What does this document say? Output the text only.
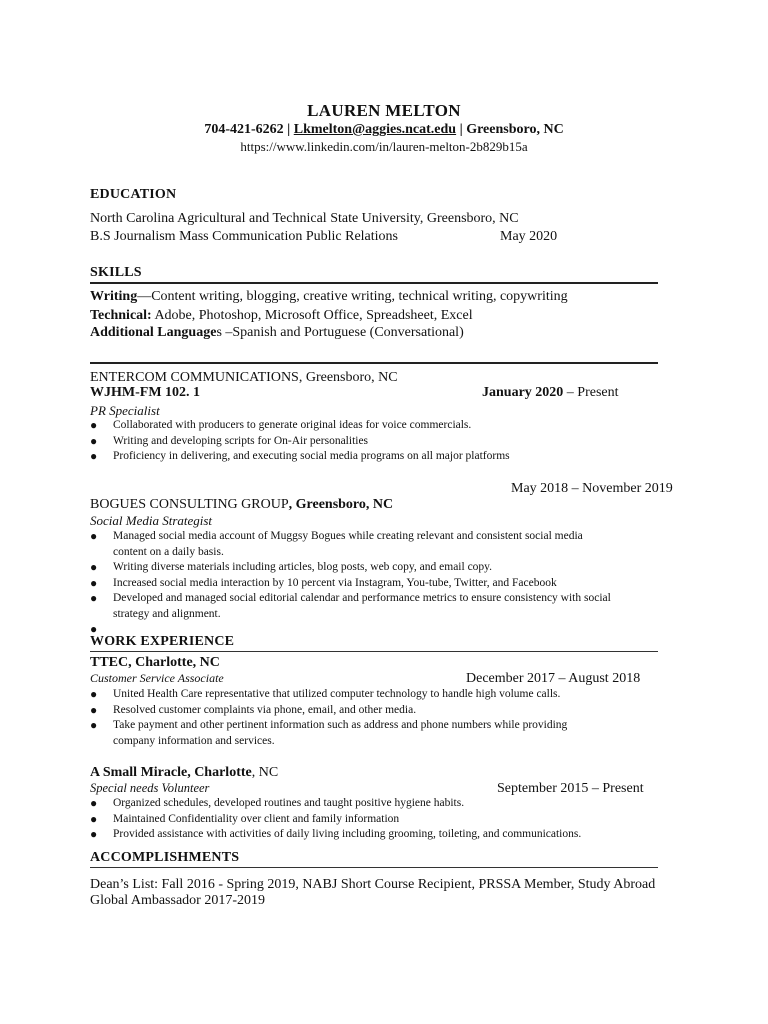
LAUREN MELTON
704-421-6262 | Lkmelton@aggies.ncat.edu | Greensboro, NC
https://www.linkedin.com/in/lauren-melton-2b829b15a
EDUCATION
North Carolina Agricultural and Technical State University, Greensboro, NC
B.S Journalism Mass Communication Public Relations	May 2020
SKILLS
Writing—Content writing, blogging, creative writing, technical writing, copywriting
Technical: Adobe, Photoshop, Microsoft Office, Spreadsheet, Excel
Additional Languages –Spanish and Portuguese (Conversational)
ENTERCOM COMMUNICATIONS, Greensboro, NC
WJHM-FM 102. 1	January 2020 – Present
PR Specialist
● Collaborated with producers to generate original ideas for voice commercials.
● Writing and developing scripts for On-Air personalities
● Proficiency in delivering, and executing social media programs on all major platforms
May 2018 – November 2019
BOGUES CONSULTING GROUP, Greensboro, NC
Social Media Strategist
● Managed social media account of Muggsy Bogues while creating relevant and consistent social media
content on a daily basis.
● Writing diverse materials including articles, blog posts, web copy, and email copy.
● Increased social media interaction by 10 percent via Instagram, You-tube, Twitter, and Facebook
● Developed and managed social editorial calendar and performance metrics to ensure consistency with social
strategy and alignment.
WORK EXPERIENCE
TTEC, Charlotte, NC
Customer Service Associate	December 2017 – August 2018
● United Health Care representative that utilized computer technology to handle high volume calls.
● Resolved customer complaints via phone, email, and other media.
● Take payment and other pertinent information such as address and phone numbers while providing
company information and services.
A Small Miracle, Charlotte, NC
Special needs Volunteer	September 2015 – Present
● Organized schedules, developed routines and taught positive hygiene habits.
● Maintained Confidentiality over client and family information
● Provided assistance with activities of daily living including grooming, toileting, and communications.
ACCOMPLISHMENTS
Dean’s List: Fall 2016 - Spring 2019, NABJ Short Course Recipient, PRSSA Member, Study Abroad
Global Ambassador 2017-2019
